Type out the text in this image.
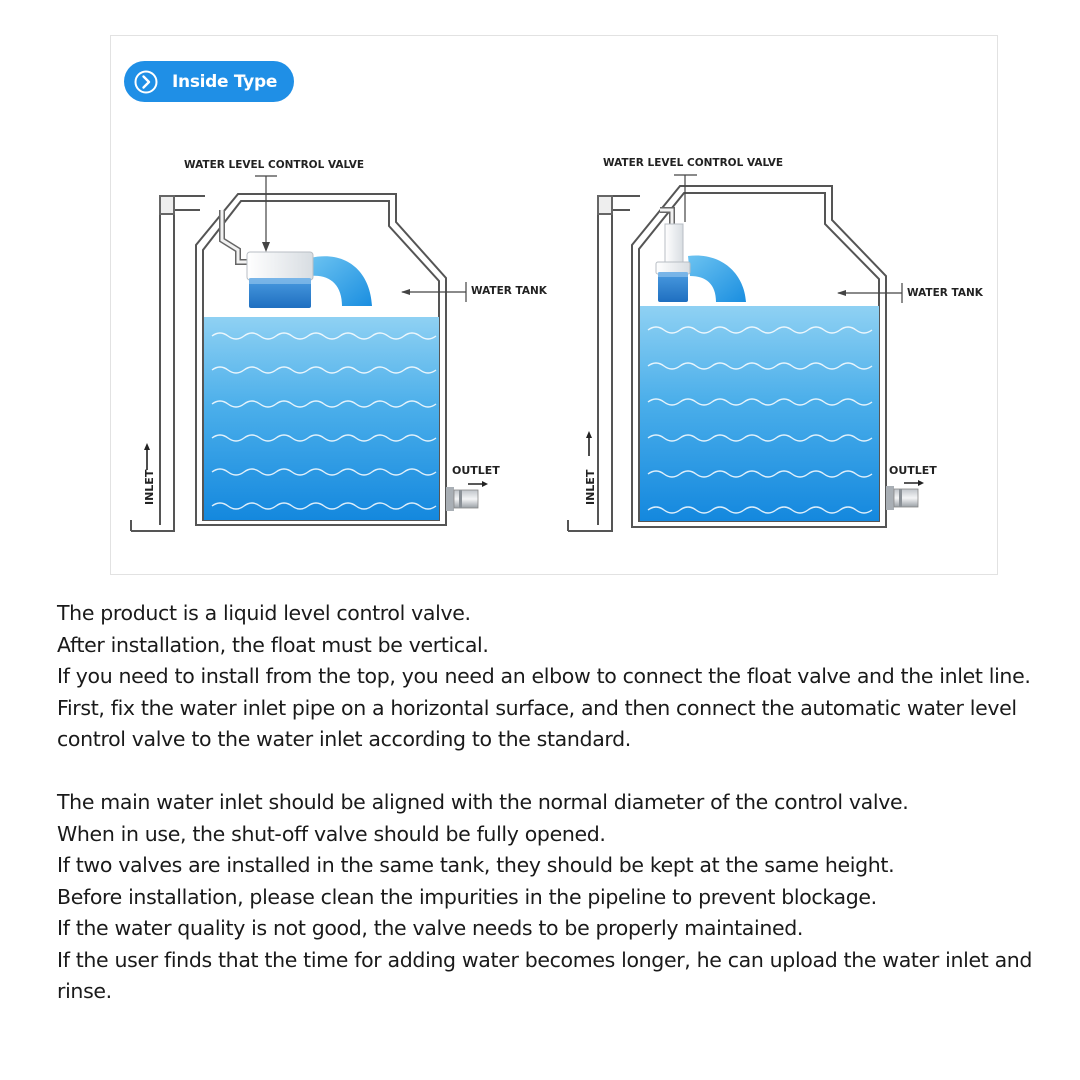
Inside Type
WATER LEVEL CONTROL VALVE
WATER TANK
OUTLET
INLET
WATER LEVEL CONTROL VALVE
WATER TANK
OUTLET
INLET

The product is a liquid level control valve.

After installation, the float must be vertical.

If you need to install from the top, you need an elbow to connect the float valve and the inlet line.

First, fix the water inlet pipe on a horizontal surface, and then connect the automatic water level control valve to the water inlet according to the standard.

The main water inlet should be aligned with the normal diameter of the control valve.

When in use, the shut-off valve should be fully opened.

If two valves are installed in the same tank, they should be kept at the same height.

Before installation, please clean the impurities in the pipeline to prevent blockage.

If the water quality is not good, the valve needs to be properly maintained.

If the user finds that the time for adding water becomes longer, he can upload the water inlet and rinse.
